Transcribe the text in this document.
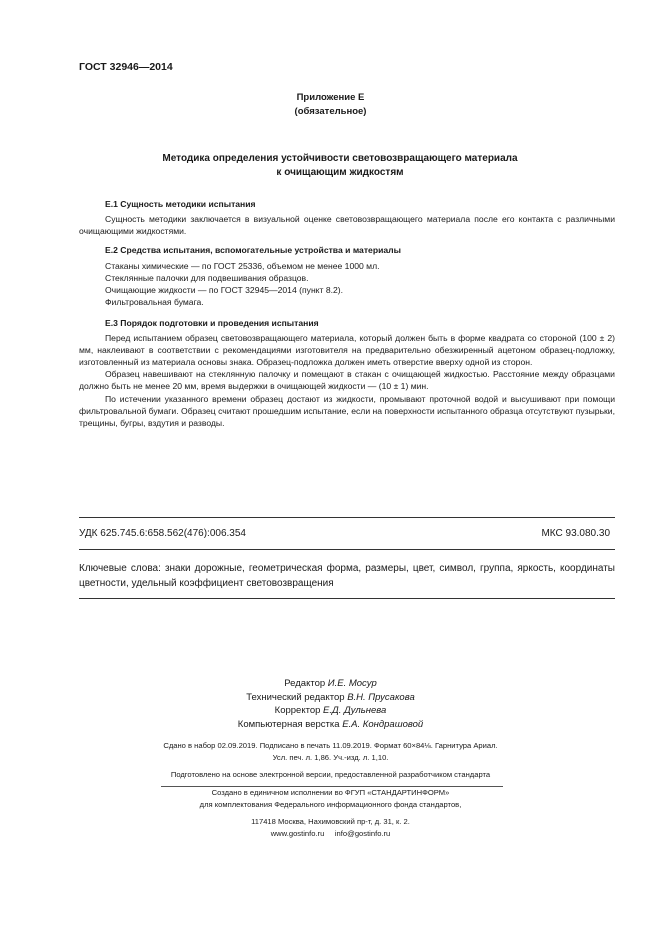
ГОСТ 32946—2014
Приложение Е
(обязательное)
Методика определения устойчивости световозвращающего материала
к очищающим жидкостям

Е.1 Сущность методики испытания

Сущность методики заключается в визуальной оценке световозвращающего материала после его контакта с различными очищающими жидкостями.

Е.2 Средства испытания, вспомогательные устройства и материалы

Стаканы химические — по ГОСТ 25336, объемом не менее 1000 мл.

Стеклянные палочки для подвешивания образцов.

Очищающие жидкости — по ГОСТ 32945—2014 (пункт 8.2).

Фильтровальная бумага.

Е.3 Порядок подготовки и проведения испытания

Перед испытанием образец световозвращающего материала, который должен быть в форме квадрата со стороной (100 ± 2) мм, наклеивают в соответствии с рекомендациями изготовителя на предварительно обезжиренный ацетоном образец-подложку, изготовленный из материала основы знака. Образец-подложка должен иметь отверстие вверху одной из сторон.

Образец навешивают на стеклянную палочку и помещают в стакан с очищающей жидкостью. Расстояние между образцами должно быть не менее 20 мм, время выдержки в очищающей жидкости — (10 ± 1) мин.

По истечении указанного времени образец достают из жидкости, промывают проточной водой и высушивают при помощи фильтровальной бумаги. Образец считают прошедшим испытание, если на поверхности испытанного образца отсутствуют пузырьки, трещины, бугры, вздутия и разводы.

УДК 625.745.6:658.562(476):006.354	МКС 93.080.30
Ключевые слова: знаки дорожные, геометрическая форма, размеры, цвет, символ, группа, яркость, координаты цветности, удельный коэффициент световозвращения
Редактор И.Е. Мосур
Технический редактор В.Н. Прусакова
Корректор Е.Д. Дульнева
Компьютерная верстка Е.А. Кондрашовой
Сдано в набор 02.09.2019. Подписано в печать 11.09.2019. Формат 60×84⅛. Гарнитура Ариал.
Усл. печ. л. 1,86. Уч.-изд. л. 1,10.
Подготовлено на основе электронной версии, предоставленной разработчиком стандарта
Создано в единичном исполнении во ФГУП «СТАНДАРТИНФОРМ»
для комплектования Федерального информационного фонда стандартов,
117418 Москва, Нахимовский пр-т, д. 31, к. 2.
www.gostinfo.ru info@gostinfo.ru
